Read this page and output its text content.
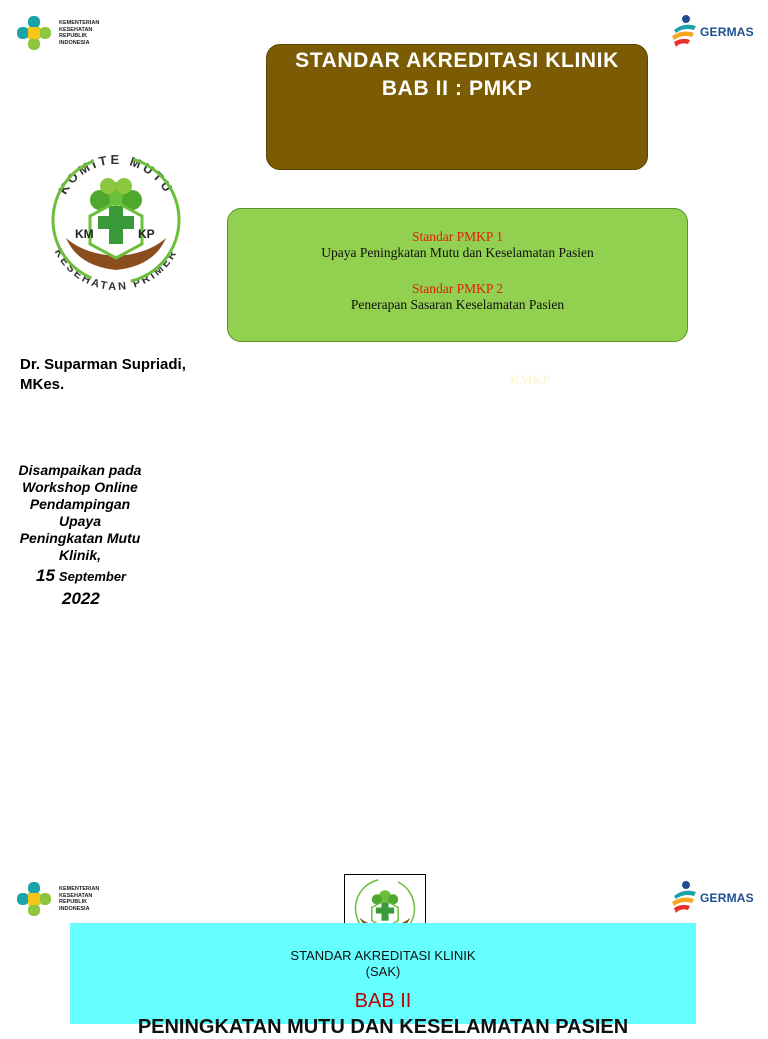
KEMENTERIAN
KESEHATAN
REPUBLIK
INDONESIA
GERMAS
STANDAR AKREDITASI KLINIK
BAB II : PMKP
KOMITE MUTU
KESEHATAN PRIMER
KM	KP	Standar PMKP 1
Upaya Peningkatan Mutu dan Keselamatan Pasien
Standar PMKP 2
Penerapan Sasaran Keselamatan Pasien
Dr. Suparman Supriadi,
MKes.	KMKP
Disampaikan pada
Workshop Online
Pendampingan
Upaya
Peningkatan Mutu
Klinik,
15 September
2022
KEMENTERIAN
KESEHATAN
REPUBLIK
INDONESIA
GERMAS
STANDAR AKREDITASI KLINIK
(SAK)
BAB II
PENINGKATAN MUTU DAN KESELAMATAN PASIEN
